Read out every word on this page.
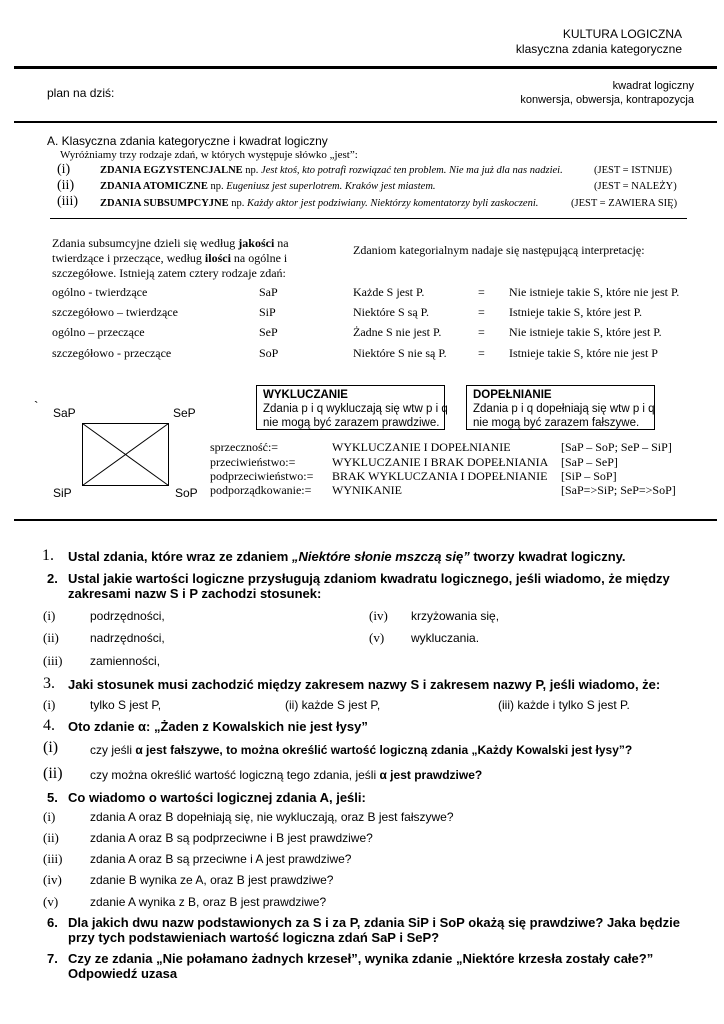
KULTURA LOGICZNA
klasyczna zdania kategoryczne
plan na dziś:	kwadrat logiczny
konwersja, obwersja, kontrapozycja
A. Klasyczna zdania kategoryczne i kwadrat logiczny
Wyróżniamy trzy rodzaje zdań, w których występuje słówko „jest”:
(i)	ZDANIA EGZYSTENCJALNE np. Jest ktoś, kto potrafi rozwiązać ten problem. Nie ma już dla nas nadziei.	(JEST = ISTNIJE)
(ii) ZDANIA ATOMICZNE np. Eugeniusz jest superlotrem. Kraków jest miastem.	(JEST = NALEŻY)
(iii) ZDANIA SUBSUMPCYJNE np. Każdy aktor jest podziwiany. Niektórzy komentatorzy byli zaskoczeni.	(JEST = ZAWIERA SIĘ)
Zdania subsumcyjne dzieli się według jakości na
twierdzące i przeczące, według ilości na ogólne i
szczegółowe. Istnieją zatem cztery rodzaje zdań:
Zdaniom kategorialnym nadaje się następującą interpretację:
ogólno - twierdzące	SaP	Każde S jest P.	= Nie istnieje takie S, które nie jest P.
szczegółowo – twierdzące	SiP	Niektóre S są P.	= Istnieje takie S, które jest P.
ogólno – przeczące	SeP	Żadne S nie jest P.	= Nie istnieje takie S, które jest P.
szczegółowo - przeczące	SoP	Niektóre S nie są P.	= Istnieje takie S, które nie jest P
` SaP	SeP
SiP	SoP
WYKLUCZANIE
Zdania p i q wykluczają się wtw p i q
nie mogą być zarazem prawdziwe.
DOPEŁNIANIE
Zdania p i q dopełniają się wtw p i q
nie mogą być zarazem fałszywe.
sprzeczność:=	WYKLUCZANIE I DOPEŁNIANIE	[SaP – SoP; SeP – SiP]
przeciwieństwo:=	WYKLUCZANIE I BRAK DOPEŁNIANIA [SaP – SeP]
podprzeciwieństwo:= BRAK WYKLUCZANIA I DOPEŁNIANIE [SiP – SoP]
podporządkowanie:= WYNIKANIE	[SaP=>SiP; SeP=>SoP]
1. Ustal zdania, które wraz ze zdaniem „Niektóre słonie mszczą się” tworzy kwadrat logiczny.
2. Ustal jakie wartości logiczne przysługują zdaniom kwadratu logicznego, jeśli wiadomo, że między
zakresami nazw S i P zachodzi stosunek:
(i)	podrzędności,
(ii)	nadrzędności,
(iii) zamienności,
(iv) krzyżowania się,
(v) wykluczania.
3. Jaki stosunek musi zachodzić między zakresem nazwy S i zakresem nazwy P, jeśli wiadomo, że:
(i)	tylko S jest P,	(ii) każde S jest P,	(iii) każde i tylko S jest P.
4. Oto zdanie α: „Żaden z Kowalskich nie jest łysy”
(i)	czy jeśli α jest fałszywe, to można określić wartość logiczną zdania „Każdy Kowalski jest łysy”?
(ii) czy można określić wartość logiczną tego zdania, jeśli α jest prawdziwe?
5. Co wiadomo o wartości logicznej zdania A, jeśli:
(i)	zdania A oraz B dopełniają się, nie wykluczają, oraz B jest fałszywe?
(ii)	zdania A oraz B są podprzeciwne i B jest prawdziwe?
(iii) zdania A oraz B są przeciwne i A jest prawdziwe?
(iv) zdanie B wynika ze A, oraz B jest prawdziwe?
(v)	zdanie A wynika z B, oraz B jest prawdziwe?
6. Dla jakich dwu nazw podstawionych za S i za P, zdania SiP i SoP okażą się prawdziwe? Jaka będzie
przy tych podstawieniach wartość logiczna zdań SaP i SeP?
7. Czy ze zdania „Nie połamano żadnych krzeseł”, wynika zdanie „Niektóre krzesła zostały całe?”
Odpowiedź uzasa
